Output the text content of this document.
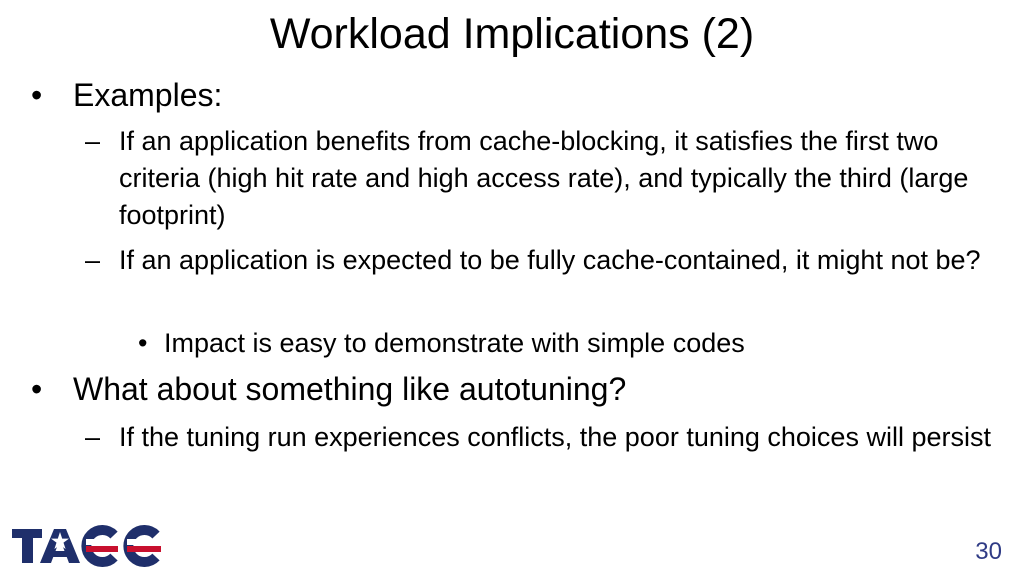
Workload Implications (2)
• Examples:
– If an application benefits from cache-blocking, it satisfies the first two criteria (high hit rate and high access rate), and typically the third (large footprint)
– If an application is expected to be fully cache-contained, it might not be?
• Impact is easy to demonstrate with simple codes
• What about something like autotuning?
– If the tuning run experiences conflicts, the poor tuning choices will persist
30
